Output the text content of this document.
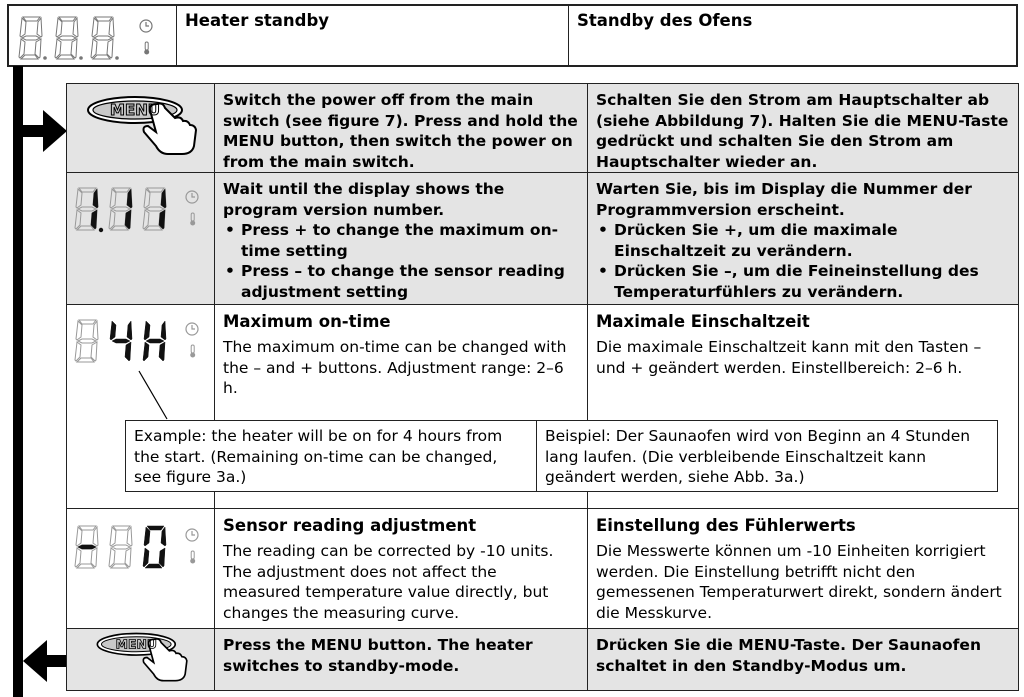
Heater standby	Standby des Ofens
MENU
Switch the power off from the main switch (see figure 7). Press and hold the MENU button, then switch the power on from the main switch.
Schalten Sie den Strom am Hauptschalter ab (siehe Abbildung 7). Halten Sie die MENU-Taste gedrückt und schalten Sie den Strom am Hauptschalter wieder an.
Wait until the display shows the program version number.
• Press + to change the maximum on-time setting
• Press – to change the sensor reading adjustment setting
Warten Sie, bis im Display die Nummer der Programmversion erscheint.
• Drücken Sie +, um die maximale Einschaltzeit zu verändern.
• Drücken Sie –, um die Feineinstellung des Temperaturfühlers zu verändern.
Maximum on-time
The maximum on-time can be changed with the – and + buttons. Adjustment range: 2–6 h.
Maximale Einschaltzeit
Die maximale Einschaltzeit kann mit den Tasten – und + geändert werden. Einstellbereich: 2–6 h.
Example: the heater will be on for 4 hours from the start. (Remaining on-time can be changed, see figure 3a.)
Beispiel: Der Saunaofen wird von Beginn an 4 Stunden lang laufen. (Die verbleibende Einschaltzeit kann geändert werden, siehe Abb. 3a.)
Sensor reading adjustment
The reading can be corrected by -10 units. The adjustment does not affect the measured temperature value directly, but changes the measuring curve.
Einstellung des Fühlerwerts
Die Messwerte können um -10 Einheiten korrigiert werden. Die Einstellung betrifft nicht den gemessenen Temperaturwert direkt, sondern ändert die Messkurve.
MENU	Press the MENU button. The heater switches to standby-mode.
Drücken Sie die MENU-Taste. Der Saunaofen schaltet in den Standby-Modus um.
